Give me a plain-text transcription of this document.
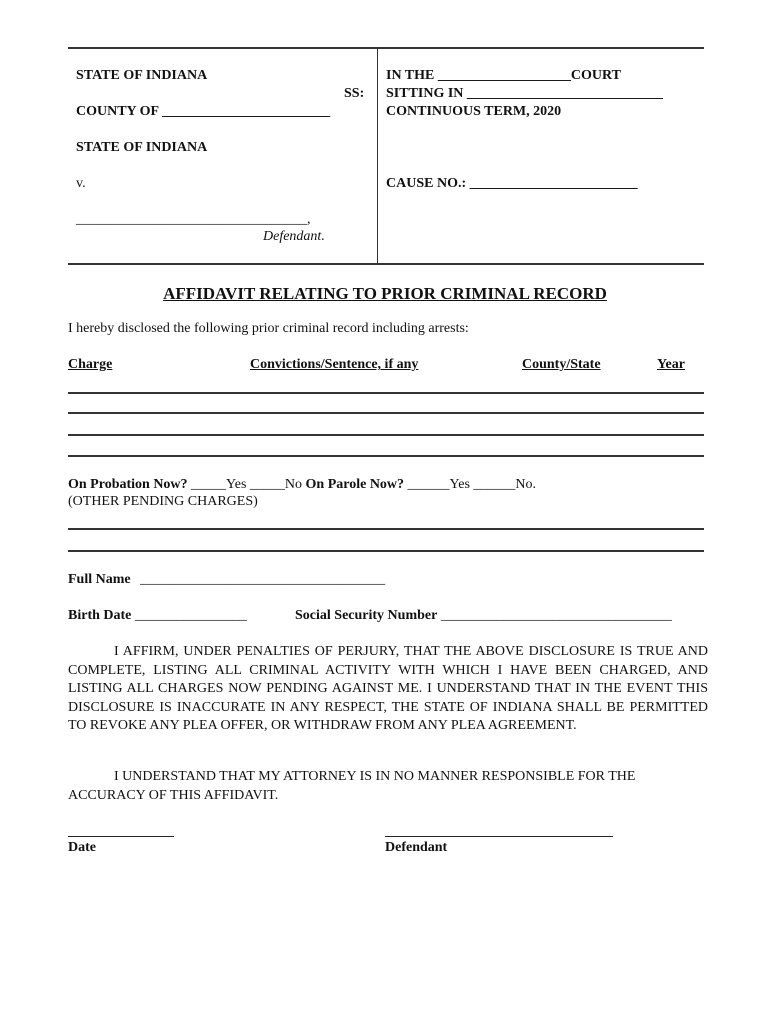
STATE OF INDIANA
SS:
COUNTY OF ________________________
STATE OF INDIANA
v.
_________________________________,
Defendant.
IN THE ___________________COURT
SITTING IN ____________________________
CONTINUOUS TERM, 2020
CAUSE NO.: ________________________
AFFIDAVIT RELATING TO PRIOR CRIMINAL RECORD
I hereby disclosed the following prior criminal record including arrests:
Charge	Convictions/Sentence, if any	County/State	Year
On Probation Now? _____Yes _____No On Parole Now? ______Yes ______No.
(OTHER PENDING CHARGES)
Full Name ___________________________________
Birth Date ________________	Social Security Number _________________________________
I AFFIRM, UNDER PENALTIES OF PERJURY, THAT THE ABOVE DISCLOSURE IS TRUE AND COMPLETE, LISTING ALL CRIMINAL ACTIVITY WITH WHICH I HAVE BEEN CHARGED, AND LISTING ALL CHARGES NOW PENDING AGAINST ME. I UNDERSTAND THAT IN THE EVENT THIS DISCLOSURE IS INACCURATE IN ANY RESPECT, THE STATE OF INDIANA SHALL BE PERMITTED TO REVOKE ANY PLEA OFFER, OR WITHDRAW FROM ANY PLEA AGREEMENT.
I UNDERSTAND THAT MY ATTORNEY IS IN NO MANNER RESPONSIBLE FOR THE ACCURACY OF THIS AFFIDAVIT.
Date	Defendant
